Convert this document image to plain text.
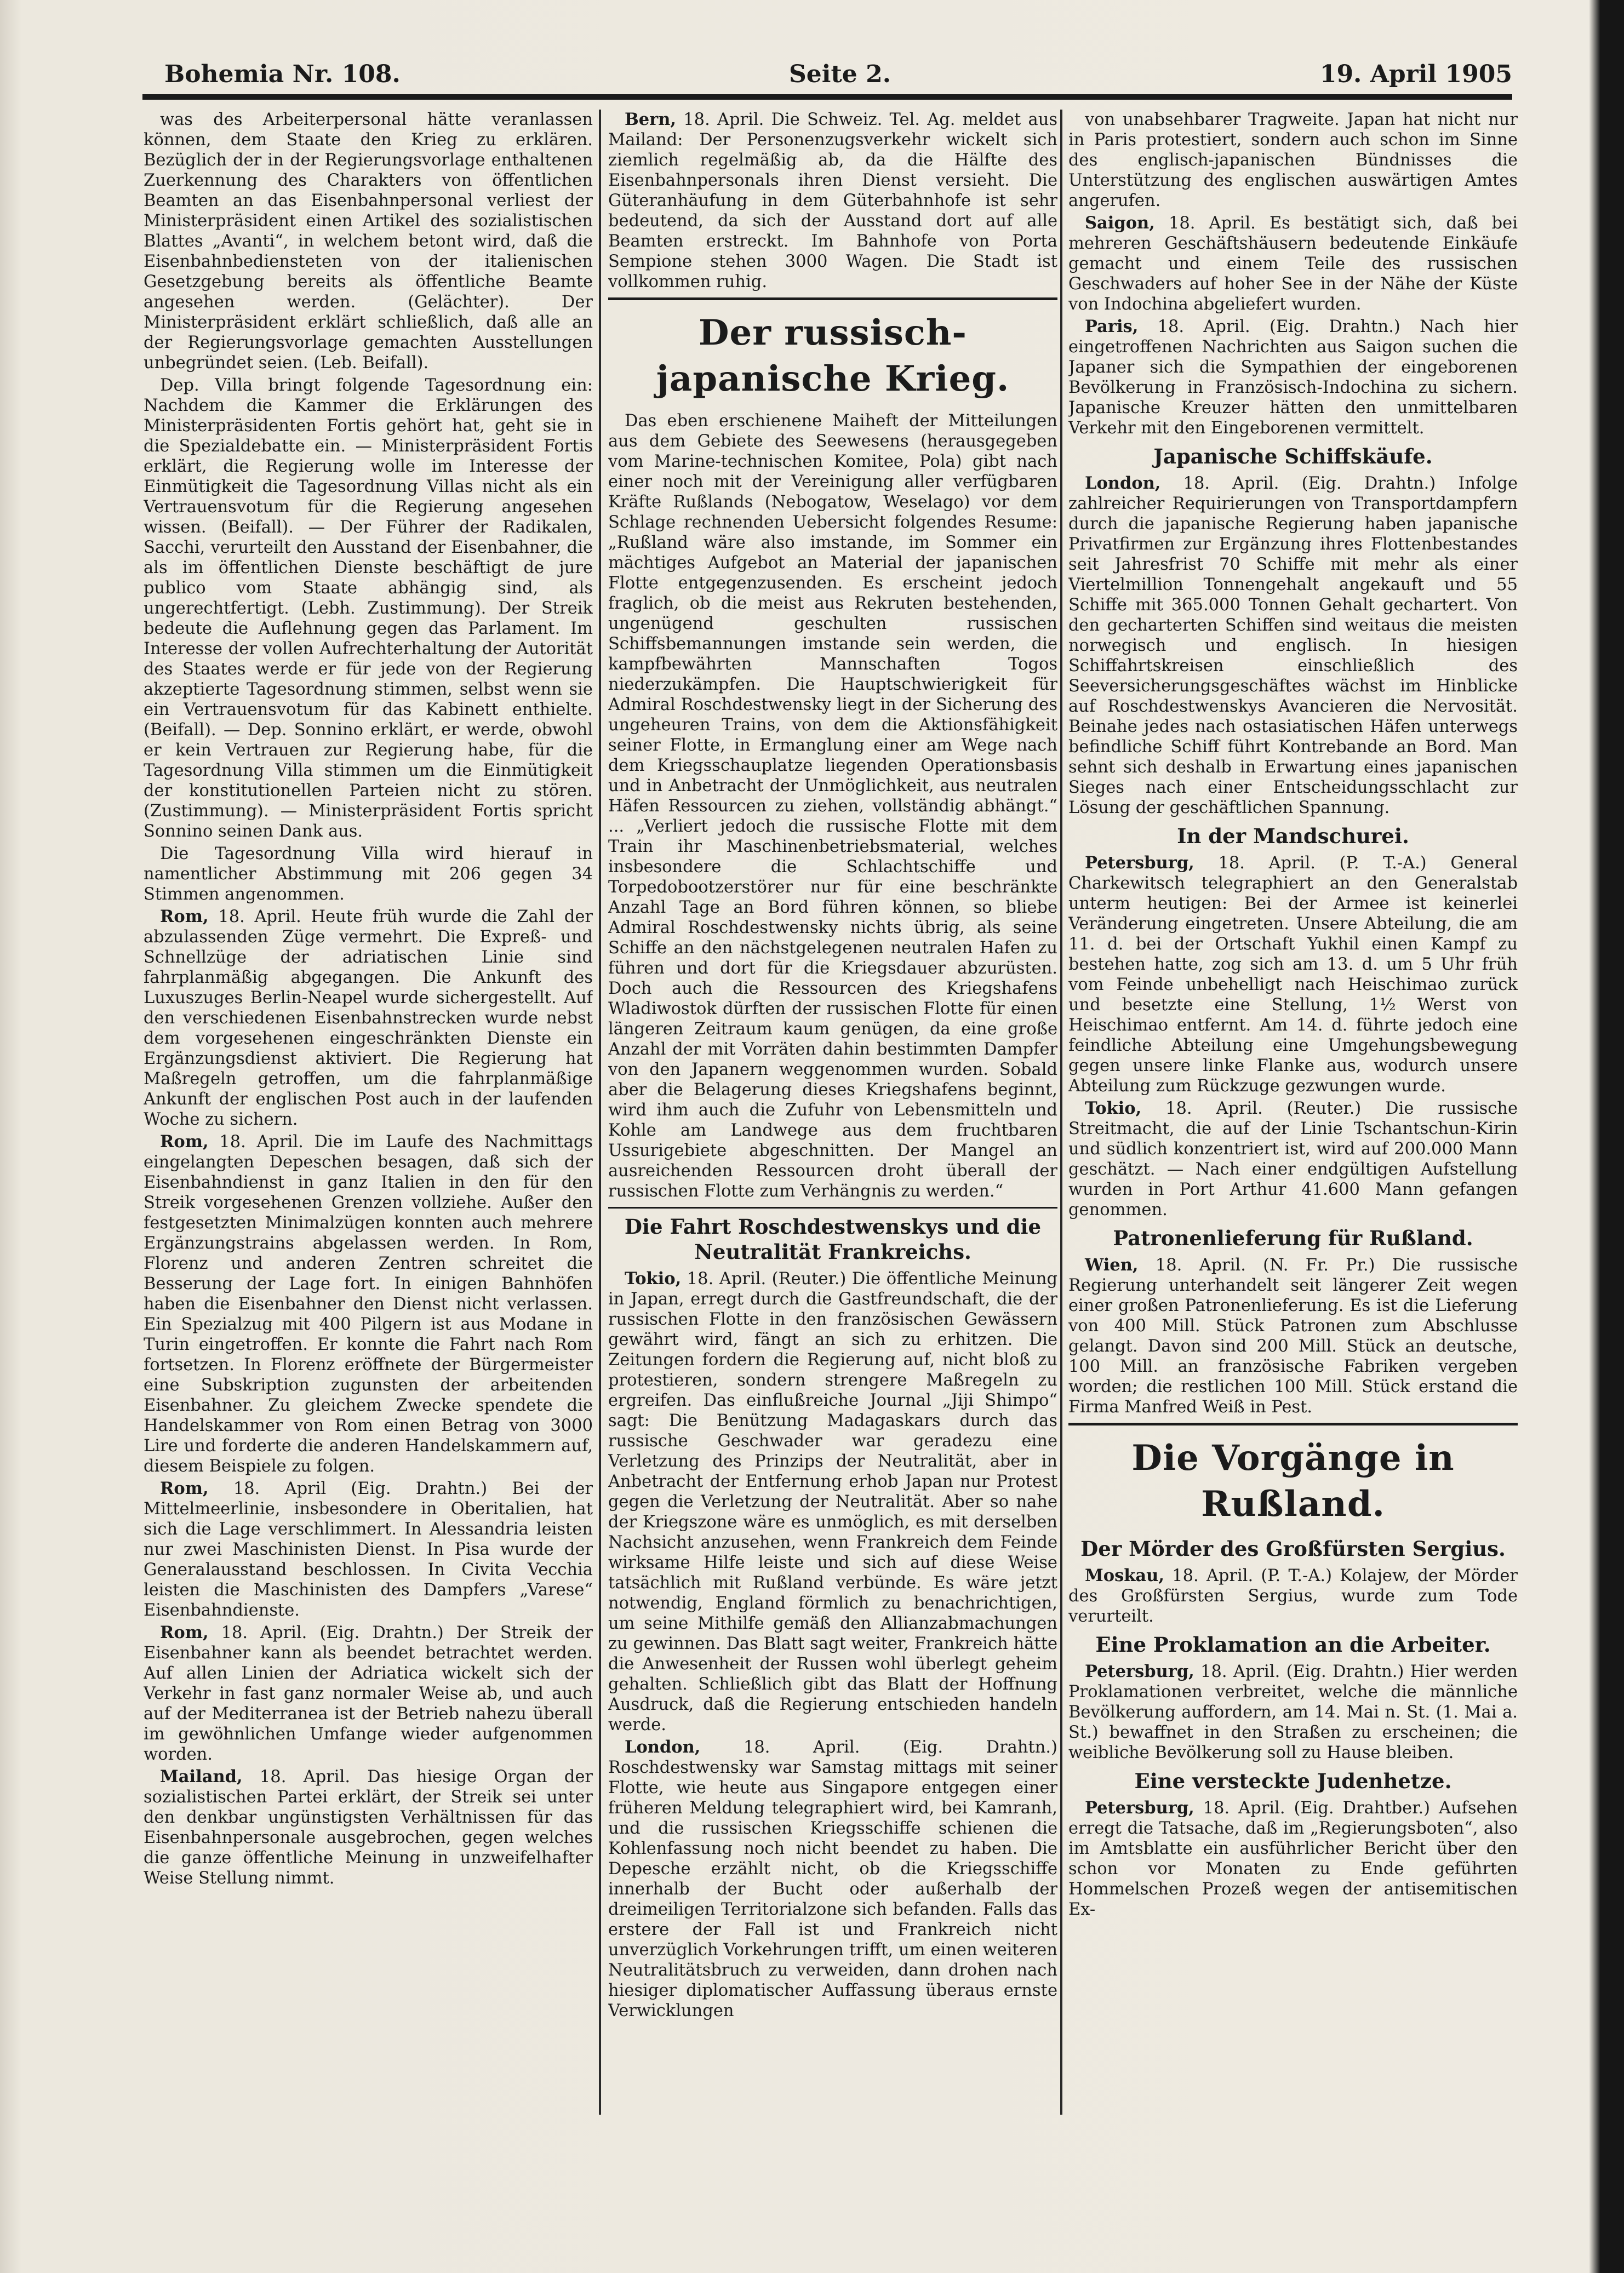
Bohemia Nr. 108.	Seite 2.	19. April 1905

was des Arbeiterpersonal hätte veranlassen können, dem Staate den Krieg zu erklären. Bezüglich der in der Regierungsvorlage enthaltenen Zuerkennung des Charakters von öffentlichen Beamten an das Eisenbahnpersonal verliest der Ministerpräsident einen Artikel des sozialistischen Blattes „Avanti“, in welchem betont wird, daß die Eisenbahnbediensteten von der italienischen Gesetzgebung bereits als öffentliche Beamte angesehen werden. (Gelächter). Der Ministerpräsident erklärt schließlich, daß alle an der Regierungsvorlage gemachten Ausstellungen unbegründet seien. (Leb. Beifall).

Dep. Villa bringt folgende Tagesordnung ein: Nachdem die Kammer die Erklärungen des Ministerpräsidenten Fortis gehört hat, geht sie in die Spezialdebatte ein. — Ministerpräsident Fortis erklärt, die Regierung wolle im Interesse der Einmütigkeit die Tagesordnung Villas nicht als ein Vertrauensvotum für die Regierung angesehen wissen. (Beifall). — Der Führer der Radikalen, Sacchi, verurteilt den Ausstand der Eisenbahner, die als im öffentlichen Dienste beschäftigt de jure publico vom Staate abhängig sind, als ungerechtfertigt. (Lebh. Zustimmung). Der Streik bedeute die Auflehnung gegen das Parlament. Im Interesse der vollen Aufrechterhaltung der Autorität des Staates werde er für jede von der Regierung akzeptierte Tagesordnung stimmen, selbst wenn sie ein Vertrauensvotum für das Kabinett enthielte. (Beifall). — Dep. Sonnino erklärt, er werde, obwohl er kein Vertrauen zur Regierung habe, für die Tagesordnung Villa stimmen um die Einmütigkeit der konstitutionellen Parteien nicht zu stören. (Zustimmung). — Ministerpräsident Fortis spricht Sonnino seinen Dank aus.

Die Tagesordnung Villa wird hierauf in namentlicher Abstimmung mit 206 gegen 34 Stimmen angenommen.

Rom, 18. April. Heute früh wurde die Zahl der abzulassenden Züge vermehrt. Die Expreß- und Schnellzüge der adriatischen Linie sind fahrplanmäßig abgegangen. Die Ankunft des Luxuszuges Berlin-Neapel wurde sichergestellt. Auf den verschiedenen Eisenbahnstrecken wurde nebst dem vorgesehenen eingeschränkten Dienste ein Ergänzungsdienst aktiviert. Die Regierung hat Maßregeln getroffen, um die fahrplanmäßige Ankunft der englischen Post auch in der laufenden Woche zu sichern.

Rom, 18. April. Die im Laufe des Nachmittags eingelangten Depeschen besagen, daß sich der Eisenbahndienst in ganz Italien in den für den Streik vorgesehenen Grenzen vollziehe. Außer den festgesetzten Minimalzügen konnten auch mehrere Ergänzungstrains abgelassen werden. In Rom, Florenz und anderen Zentren schreitet die Besserung der Lage fort. In einigen Bahnhöfen haben die Eisenbahner den Dienst nicht verlassen. Ein Spezialzug mit 400 Pilgern ist aus Modane in Turin eingetroffen. Er konnte die Fahrt nach Rom fortsetzen. In Florenz eröffnete der Bürgermeister eine Subskription zugunsten der arbeitenden Eisenbahner. Zu gleichem Zwecke spendete die Handelskammer von Rom einen Betrag von 3000 Lire und forderte die anderen Handelskammern auf, diesem Beispiele zu folgen.

Rom, 18. April (Eig. Drahtn.) Bei der Mittelmeerlinie, insbesondere in Oberitalien, hat sich die Lage verschlimmert. In Alessandria leisten nur zwei Maschinisten Dienst. In Pisa wurde der Generalausstand beschlossen. In Civita Vecchia leisten die Maschinisten des Dampfers „Varese“ Eisenbahndienste.

Rom, 18. April. (Eig. Drahtn.) Der Streik der Eisenbahner kann als beendet betrachtet werden. Auf allen Linien der Adriatica wickelt sich der Verkehr in fast ganz normaler Weise ab, und auch auf der Mediterranea ist der Betrieb nahezu überall im gewöhnlichen Umfange wieder aufgenommen worden.

Mailand, 18. April. Das hiesige Organ der sozialistischen Partei erklärt, der Streik sei unter den denkbar ungünstigsten Verhältnissen für das Eisenbahnpersonale ausgebrochen, gegen welches die ganze öffentliche Meinung in unzweifelhafter Weise Stellung nimmt.

Bern, 18. April. Die Schweiz. Tel. Ag. meldet aus Mailand: Der Personenzugsverkehr wickelt sich ziemlich regelmäßig ab, da die Hälfte des Eisenbahnpersonals ihren Dienst versieht. Die Güteranhäufung in dem Güterbahnhofe ist sehr bedeutend, da sich der Ausstand dort auf alle Beamten erstreckt. Im Bahnhofe von Porta Sempione stehen 3000 Wagen. Die Stadt ist vollkommen ruhig.

Der russisch-japanische Krieg.

Das eben erschienene Maiheft der Mitteilungen aus dem Gebiete des Seewesens (herausgegeben vom Marine-technischen Komitee, Pola) gibt nach einer noch mit der Vereinigung aller verfügbaren Kräfte Rußlands (Nebogatow, Weselago) vor dem Schlage rechnenden Uebersicht folgendes Resume: „Rußland wäre also imstande, im Sommer ein mächtiges Aufgebot an Material der japanischen Flotte entgegenzusenden. Es erscheint jedoch fraglich, ob die meist aus Rekruten bestehenden, ungenügend geschulten russischen Schiffsbemannungen imstande sein werden, die kampfbewährten Mannschaften Togos niederzukämpfen. Die Hauptschwierigkeit für Admiral Roschdestwensky liegt in der Sicherung des ungeheuren Trains, von dem die Aktionsfähigkeit seiner Flotte, in Ermanglung einer am Wege nach dem Kriegsschauplatze liegenden Operationsbasis und in Anbetracht der Unmöglichkeit, aus neutralen Häfen Ressourcen zu ziehen, vollständig abhängt.“ ... „Verliert jedoch die russische Flotte mit dem Train ihr Maschinenbetriebsmaterial, welches insbesondere die Schlachtschiffe und Torpedobootzerstörer nur für eine beschränkte Anzahl Tage an Bord führen können, so bliebe Admiral Roschdestwensky nichts übrig, als seine Schiffe an den nächstgelegenen neutralen Hafen zu führen und dort für die Kriegsdauer abzurüsten. Doch auch die Ressourcen des Kriegshafens Wladiwostok dürften der russischen Flotte für einen längeren Zeitraum kaum genügen, da eine große Anzahl der mit Vorräten dahin bestimmten Dampfer von den Japanern weggenommen wurden. Sobald aber die Belagerung dieses Kriegshafens beginnt, wird ihm auch die Zufuhr von Lebensmitteln und Kohle am Landwege aus dem fruchtbaren Ussurigebiete abgeschnitten. Der Mangel an ausreichenden Ressourcen droht überall der russischen Flotte zum Verhängnis zu werden.“

Die Fahrt Roschdestwenskys und die Neutralität Frankreichs.

Tokio, 18. April. (Reuter.) Die öffentliche Meinung in Japan, erregt durch die Gastfreundschaft, die der russischen Flotte in den französischen Gewässern gewährt wird, fängt an sich zu erhitzen. Die Zeitungen fordern die Regierung auf, nicht bloß zu protestieren, sondern strengere Maßregeln zu ergreifen. Das einflußreiche Journal „Jiji Shimpo“ sagt: Die Benützung Madagaskars durch das russische Geschwader war geradezu eine Verletzung des Prinzips der Neutralität, aber in Anbetracht der Entfernung erhob Japan nur Protest gegen die Verletzung der Neutralität. Aber so nahe der Kriegszone wäre es unmöglich, es mit derselben Nachsicht anzusehen, wenn Frankreich dem Feinde wirksame Hilfe leiste und sich auf diese Weise tatsächlich mit Rußland verbünde. Es wäre jetzt notwendig, England förmlich zu benachrichtigen, um seine Mithilfe gemäß den Allianzabmachungen zu gewinnen. Das Blatt sagt weiter, Frankreich hätte die Anwesenheit der Russen wohl überlegt geheim gehalten. Schließlich gibt das Blatt der Hoffnung Ausdruck, daß die Regierung entschieden handeln werde.

London, 18. April. (Eig. Drahtn.) Roschdestwensky war Samstag mittags mit seiner Flotte, wie heute aus Singapore entgegen einer früheren Meldung telegraphiert wird, bei Kamranh, und die russischen Kriegsschiffe schienen die Kohlenfassung noch nicht beendet zu haben. Die Depesche erzählt nicht, ob die Kriegsschiffe innerhalb der Bucht oder außerhalb der dreimeiligen Territorialzone sich befanden. Falls das erstere der Fall ist und Frankreich nicht unverzüglich Vorkehrungen trifft, um einen weiteren Neutralitätsbruch zu verweiden, dann drohen nach hiesiger diplomatischer Auffassung überaus ernste Verwicklungen

von unabsehbarer Tragweite. Japan hat nicht nur in Paris protestiert, sondern auch schon im Sinne des englisch-japanischen Bündnisses die Unterstützung des englischen auswärtigen Amtes angerufen.

Saigon, 18. April. Es bestätigt sich, daß bei mehreren Geschäftshäusern bedeutende Einkäufe gemacht und einem Teile des russischen Geschwaders auf hoher See in der Nähe der Küste von Indochina abgeliefert wurden.

Paris, 18. April. (Eig. Drahtn.) Nach hier eingetroffenen Nachrichten aus Saigon suchen die Japaner sich die Sympathien der eingeborenen Bevölkerung in Französisch-Indochina zu sichern. Japanische Kreuzer hätten den unmittelbaren Verkehr mit den Eingeborenen vermittelt.

Japanische Schiffskäufe.

London, 18. April. (Eig. Drahtn.) Infolge zahlreicher Requirierungen von Transportdampfern durch die japanische Regierung haben japanische Privatfirmen zur Ergänzung ihres Flottenbestandes seit Jahresfrist 70 Schiffe mit mehr als einer Viertelmillion Tonnengehalt angekauft und 55 Schiffe mit 365.000 Tonnen Gehalt gechartert. Von den gecharterten Schiffen sind weitaus die meisten norwegisch und englisch. In hiesigen Schiffahrtskreisen einschließlich des Seeversicherungsgeschäftes wächst im Hinblicke auf Roschdestwenskys Avancieren die Nervosität. Beinahe jedes nach ostasiatischen Häfen unterwegs befindliche Schiff führt Kontrebande an Bord. Man sehnt sich deshalb in Erwartung eines japanischen Sieges nach einer Entscheidungsschlacht zur Lösung der geschäftlichen Spannung.

In der Mandschurei.

Petersburg, 18. April. (P. T.-A.) General Charkewitsch telegraphiert an den Generalstab unterm heutigen: Bei der Armee ist keinerlei Veränderung eingetreten. Unsere Abteilung, die am 11. d. bei der Ortschaft Yukhil einen Kampf zu bestehen hatte, zog sich am 13. d. um 5 Uhr früh vom Feinde unbehelligt nach Heischimao zurück und besetzte eine Stellung, 1½ Werst von Heischimao entfernt. Am 14. d. führte jedoch eine feindliche Abteilung eine Umgehungsbewegung gegen unsere linke Flanke aus, wodurch unsere Abteilung zum Rückzuge gezwungen wurde.

Tokio, 18. April. (Reuter.) Die russische Streitmacht, die auf der Linie Tschantschun-Kirin und südlich konzentriert ist, wird auf 200.000 Mann geschätzt. — Nach einer endgültigen Aufstellung wurden in Port Arthur 41.600 Mann gefangen genommen.

Patronenlieferung für Rußland.

Wien, 18. April. (N. Fr. Pr.) Die russische Regierung unterhandelt seit längerer Zeit wegen einer großen Patronenlieferung. Es ist die Lieferung von 400 Mill. Stück Patronen zum Abschlusse gelangt. Davon sind 200 Mill. Stück an deutsche, 100 Mill. an französische Fabriken vergeben worden; die restlichen 100 Mill. Stück erstand die Firma Manfred Weiß in Pest.

Die Vorgänge in Rußland.
Der Mörder des Großfürsten Sergius.

Moskau, 18. April. (P. T.-A.) Kolajew, der Mörder des Großfürsten Sergius, wurde zum Tode verurteilt.

Eine Proklamation an die Arbeiter.

Petersburg, 18. April. (Eig. Drahtn.) Hier werden Proklamationen verbreitet, welche die männliche Bevölkerung auffordern, am 14. Mai n. St. (1. Mai a. St.) bewaffnet in den Straßen zu erscheinen; die weibliche Bevölkerung soll zu Hause bleiben.

Eine versteckte Judenhetze.

Petersburg, 18. April. (Eig. Drahtber.) Aufsehen erregt die Tatsache, daß im „Regierungsboten“, also im Amtsblatte ein ausführlicher Bericht über den schon vor Monaten zu Ende geführten Hommelschen Prozeß wegen der antisemitischen Ex-
